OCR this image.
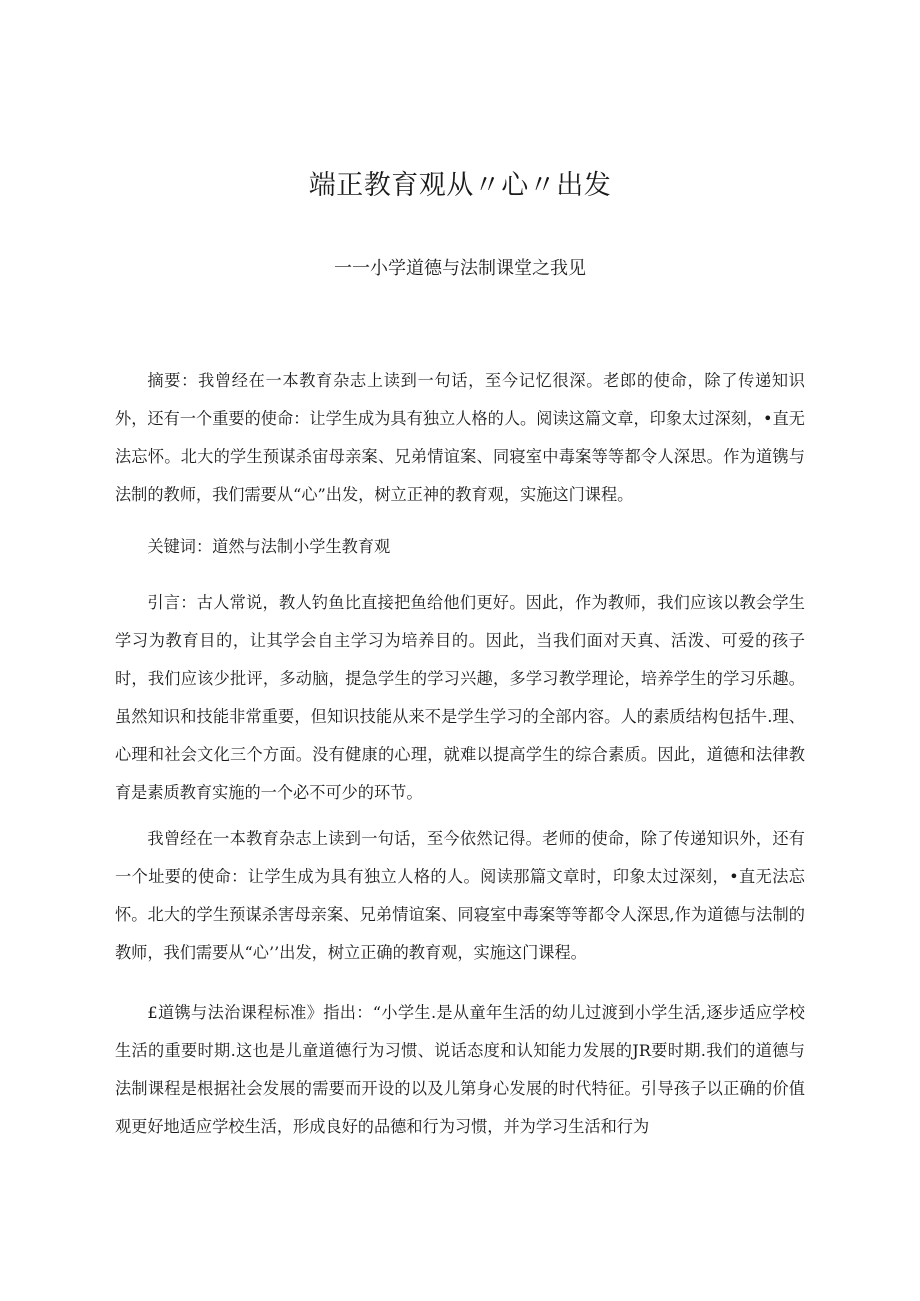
端正教育观从〃心〃出发
一一小学道德与法制课堂之我见

摘要：我曾经在一本教育杂志上读到一句话，至今记忆很深。老郎的使命，除了传递知识外，还有一个重要的使命：让学生成为具有独立人格的人。阅读这篇文章，印象太过深刻，•直无法忘怀。北大的学生预谋杀宙母亲案、兄弟情谊案、同寝室中毒案等等都令人深思。作为道镌与法制的教师，我们需要从“心”出发，树立正神的教育观，实施这门课程。

关键词：道然与法制小学生教育观

引言：古人常说，教人钓鱼比直接把鱼给他们更好。因此，作为教师，我们应该以教会学生学习为教育目的，让其学会自主学习为培养目的。因此，当我们面对天真、活泼、可爱的孩子时，我们应该少批评，多动脑，提急学生的学习兴趣，多学习教学理论，培养学生的学习乐趣。虽然知识和技能非常重要，但知识技能从来不是学生学习的全部内容。人的素质结构包括牛.理、心理和社会文化三个方面。没有健康的心理，就难以提高学生的综合素质。因此，道德和法律教育是素质教育实施的一个必不可少的环节。

我曾经在一本教育杂志上读到一句话，至今依然记得。老师的使命，除了传递知识外，还有一个址要的使命：让学生成为具有独立人格的人。阅读那篇文章时，印象太过深刻，•直无法忘怀。北大的学生预谋杀害母亲案、兄弟情谊案、同寝室中毒案等等都令人深思,作为道德与法制的教师，我们需要从“心’’出发，树立正确的教育观，实施这门课程。

£道镌与法治课程标准》指出：“小学生.是从童年生活的幼儿过渡到小学生活,逐步适应学校生活的重要时期.这也是儿童道德行为习惯、说话态度和认知能力发展的JR要时期.我们的道德与法制课程是根据社会发展的需要而开设的以及儿第身心发展的时代特征。引导孩子以正确的价值观更好地适应学校生活，形成良好的品德和行为习惯，并为学习生活和行为
